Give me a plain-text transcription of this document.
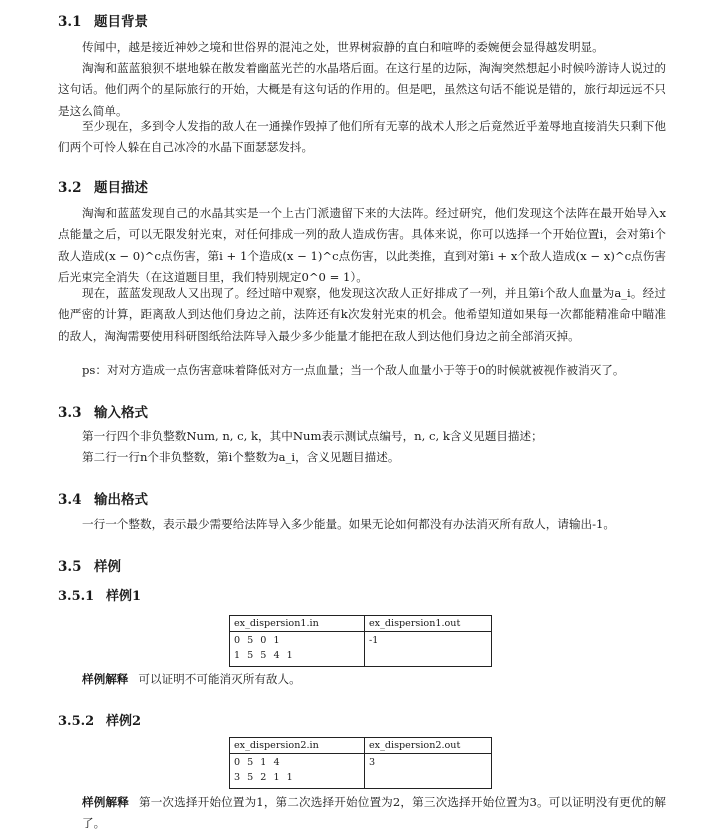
3.1 题目背景
传闻中，越是接近神妙之境和世俗界的混沌之处，世界树寂静的直白和喧哗的委婉便会显得越发明显。
淘淘和蓝蓝狼狈不堪地躲在散发着幽蓝光芒的水晶塔后面。在这行星的边际，淘淘突然想起小时候吟游诗人说过的这句话。他们两个的星际旅行的开始，大概是有这句话的作用的。但是吧，虽然这句话不能说是错的，旅行却远远不只是这么简单。
至少现在，多到令人发指的敌人在一通操作毁掉了他们所有无辜的战术人形之后竟然近乎羞辱地直接消失只剩下他们两个可怜人躲在自己冰冷的水晶下面瑟瑟发抖。
3.2 题目描述
淘淘和蓝蓝发现自己的水晶其实是一个上古门派遗留下来的大法阵。经过研究，他们发现这个法阵在最开始导入x点能量之后，可以无限发射光束，对任何排成一列的敌人造成伤害。具体来说，你可以选择一个开始位置i，会对第i个敌人造成(x − 0)^c点伤害，第i + 1个造成(x − 1)^c点伤害，以此类推，直到对第i + x个敌人造成(x − x)^c点伤害后光束完全消失（在这道题目里，我们特别规定0^0 = 1）。
现在，蓝蓝发现敌人又出现了。经过暗中观察，他发现这次敌人正好排成了一列，并且第i个敌人血量为a_i。经过他严密的计算，距离敌人到达他们身边之前，法阵还有k次发射光束的机会。他希望知道如果每一次都能精准命中瞄准的敌人，淘淘需要使用科研图纸给法阵导入最少多少能量才能把在敌人到达他们身边之前全部消灭掉。
ps：对对方造成一点伤害意味着降低对方一点血量；当一个敌人血量小于等于0的时候就被视作被消灭了。
3.3 输入格式
第一行四个非负整数Num, n, c, k，其中Num表示测试点编号，n, c, k含义见题目描述；
第二行一行n个非负整数，第i个整数为a_i，含义见题目描述。
3.4 输出格式
一行一个整数，表示最少需要给法阵导入多少能量。如果无论如何都没有办法消灭所有敌人，请输出-1。
3.5 样例
3.5.1 样例1
ex_dispersion1.in	ex_dispersion1.out

0 5 0 1
1 5 5 4 1	-1
样例解释 可以证明不可能消灭所有敌人。
3.5.2 样例2
ex_dispersion2.in	ex_dispersion2.out

0 5 1 4
3 5 2 1 1	3
样例解释 第一次选择开始位置为1，第二次选择开始位置为2，第三次选择开始位置为3。可以证明没有更优的解了。
